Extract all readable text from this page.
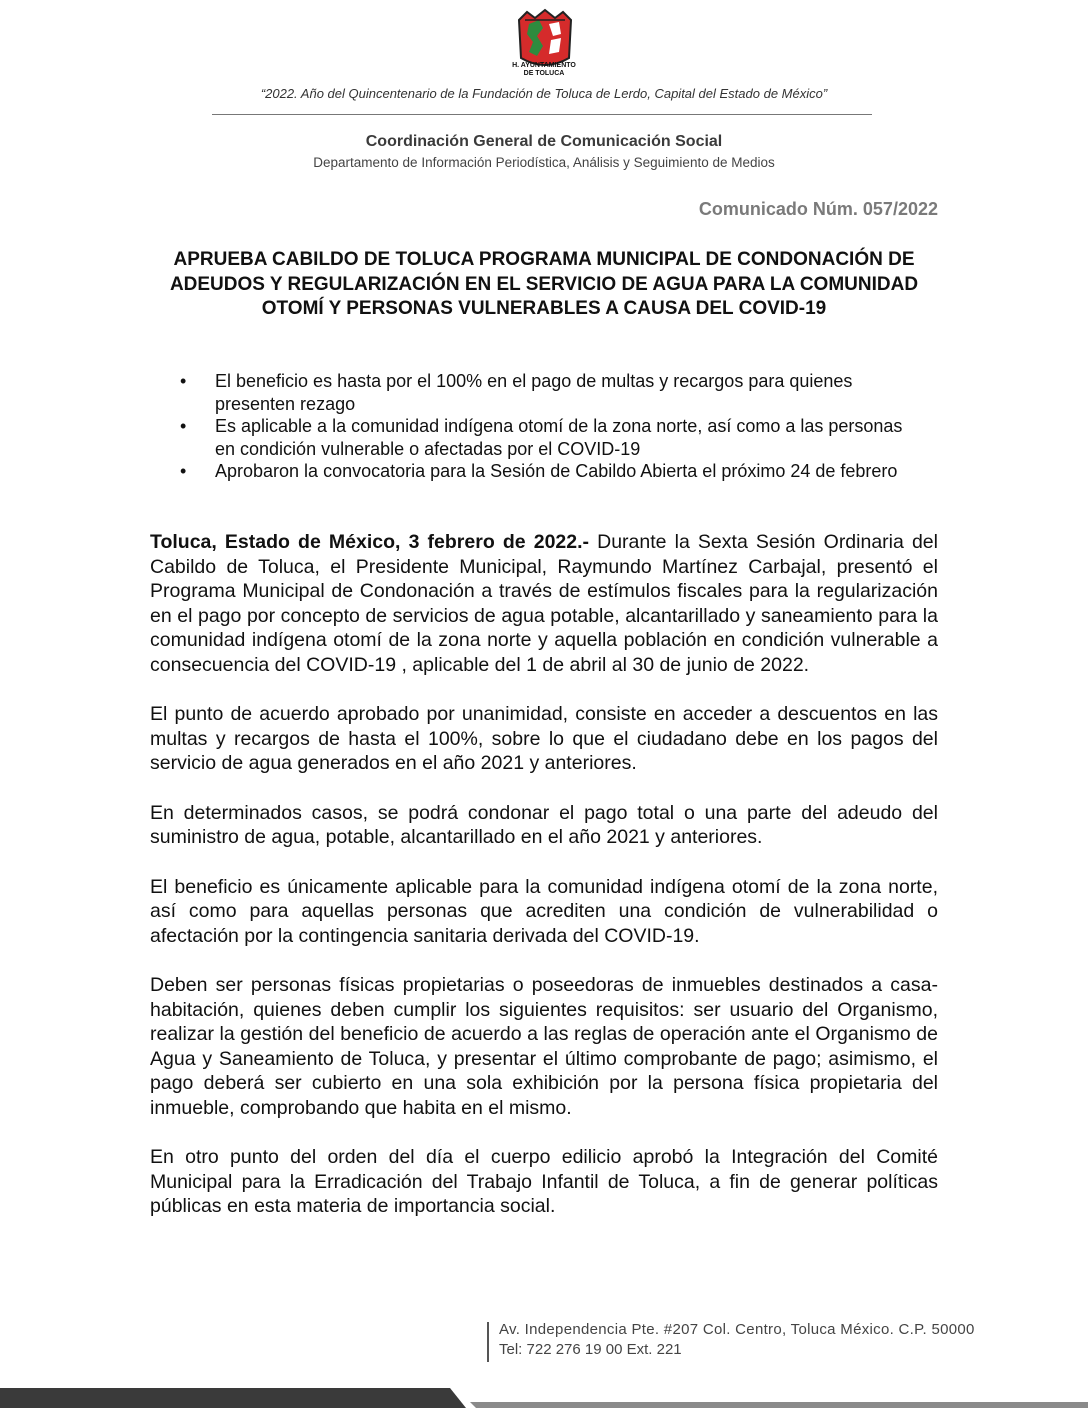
H. AYUNTAMIENTO
DE TOLUCA
“2022. Año del Quincentenario de la Fundación de Toluca de Lerdo, Capital del Estado de México”
Coordinación General de Comunicación Social
Departamento de Información Periodística, Análisis y Seguimiento de Medios
Comunicado Núm. 057/2022
APRUEBA CABILDO DE TOLUCA PROGRAMA MUNICIPAL DE CONDONACIÓN DE ADEUDOS Y REGULARIZACIÓN EN EL SERVICIO DE AGUA PARA LA COMUNIDAD OTOMÍ Y PERSONAS VULNERABLES A CAUSA DEL COVID-19
• El beneficio es hasta por el 100% en el pago de multas y recargos para quienes presenten rezago
• Es aplicable a la comunidad indígena otomí de la zona norte, así como a las personas en condición vulnerable o afectadas por el COVID-19
• Aprobaron la convocatoria para la Sesión de Cabildo Abierta el próximo 24 de febrero

Toluca, Estado de México, 3 febrero de 2022.- Durante la Sexta Sesión Ordinaria del Cabildo de Toluca, el Presidente Municipal, Raymundo Martínez Carbajal, presentó el Programa Municipal de Condonación a través de estímulos fiscales para la regularización en el pago por concepto de servicios de agua potable, alcantarillado y saneamiento para la comunidad indígena otomí de la zona norte y aquella población en condición vulnerable a consecuencia del COVID-19 , aplicable del 1 de abril al 30 de junio de 2022.

El punto de acuerdo aprobado por unanimidad, consiste en acceder a descuentos en las multas y recargos de hasta el 100%, sobre lo que el ciudadano debe en los pagos del servicio de agua generados en el año 2021 y anteriores.

En determinados casos, se podrá condonar el pago total o una parte del adeudo del suministro de agua, potable, alcantarillado en el año 2021 y anteriores.

El beneficio es únicamente aplicable para la comunidad indígena otomí de la zona norte, así como para aquellas personas que acrediten una condición de vulnerabilidad o afectación por la contingencia sanitaria derivada del COVID-19.

Deben ser personas físicas propietarias o poseedoras de inmuebles destinados a casa-habitación, quienes deben cumplir los siguientes requisitos: ser usuario del Organismo, realizar la gestión del beneficio de acuerdo a las reglas de operación ante el Organismo de Agua y Saneamiento de Toluca, y presentar el último comprobante de pago; asimismo, el pago deberá ser cubierto en una sola exhibición por la persona física propietaria del inmueble, comprobando que habita en el mismo.

En otro punto del orden del día el cuerpo edilicio aprobó la Integración del Comité Municipal para la Erradicación del Trabajo Infantil de Toluca, a fin de generar políticas públicas en esta materia de importancia social.

Av. Independencia Pte. #207 Col. Centro, Toluca México. C.P. 50000
Tel: 722 276 19 00 Ext. 221
